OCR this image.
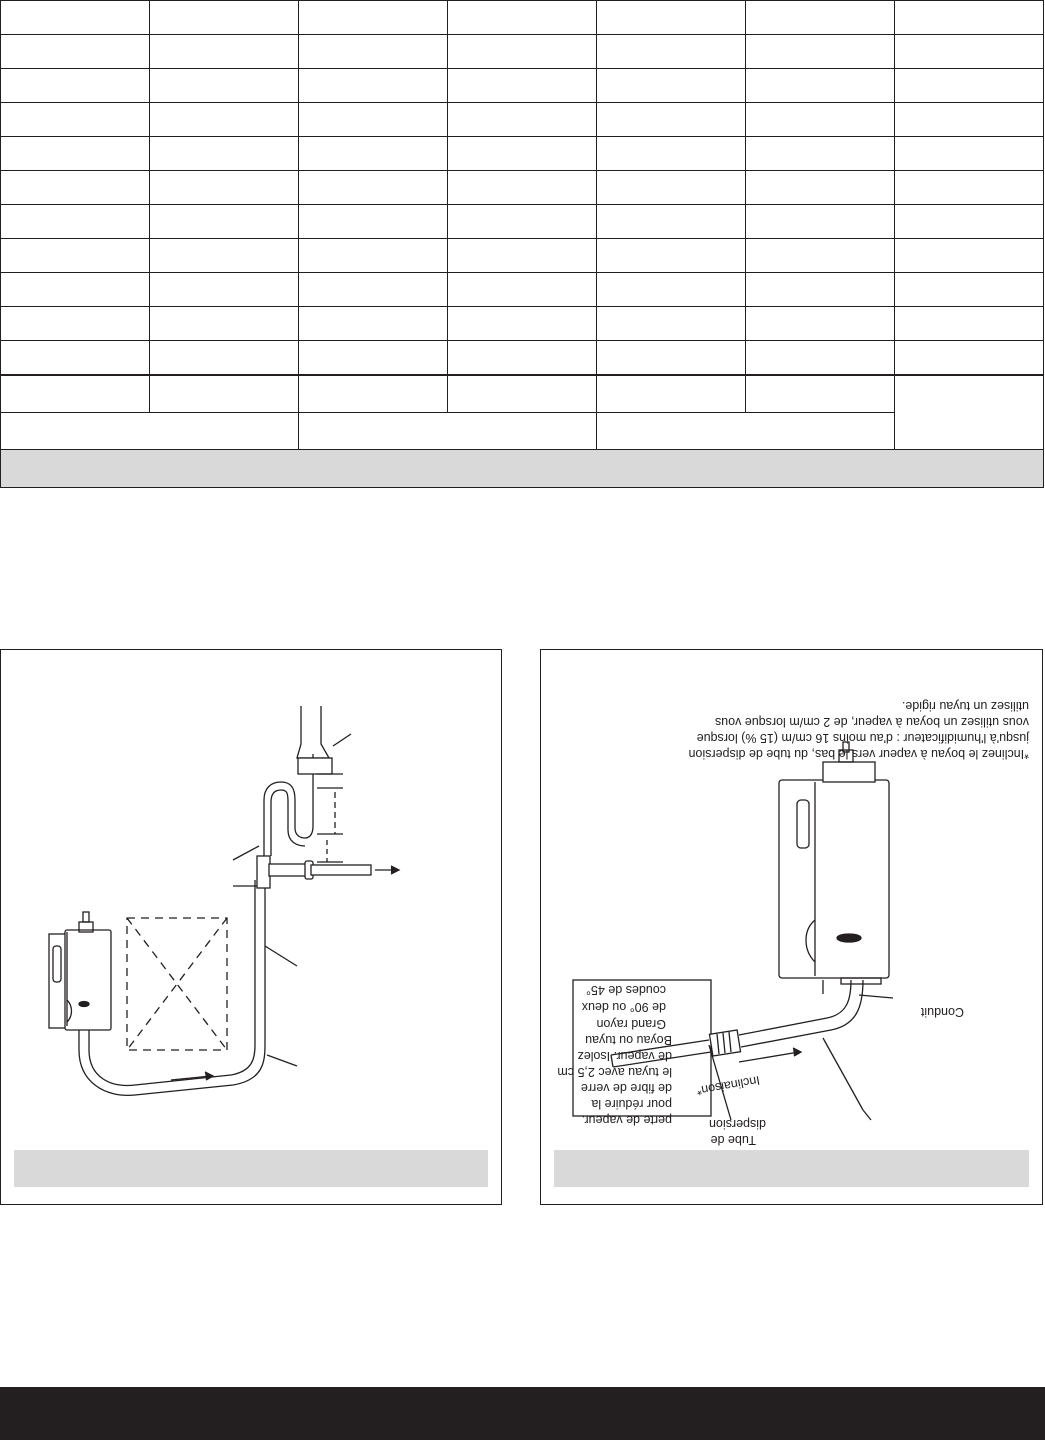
*Inclinez le boyau à vapeur vers le bas, du tube de dispersion
jusqu'à l'humidificateur : d'au moins 16 cm/m (15 %) lorsque
vous utilisez un boyau à vapeur, de 2 cm/m lorsque vous
utilisez un tuyau rigide.
Grand rayon
de 90° ou deux
coudes de 45°
perte de vapeur.
pour réduire la
de fibre de verre
le tuyau avec 2,5 cm
de vapeur. Isolez
Boyau ou tuyau
dispersion
Tube de
Inclinaison*
Conduit
